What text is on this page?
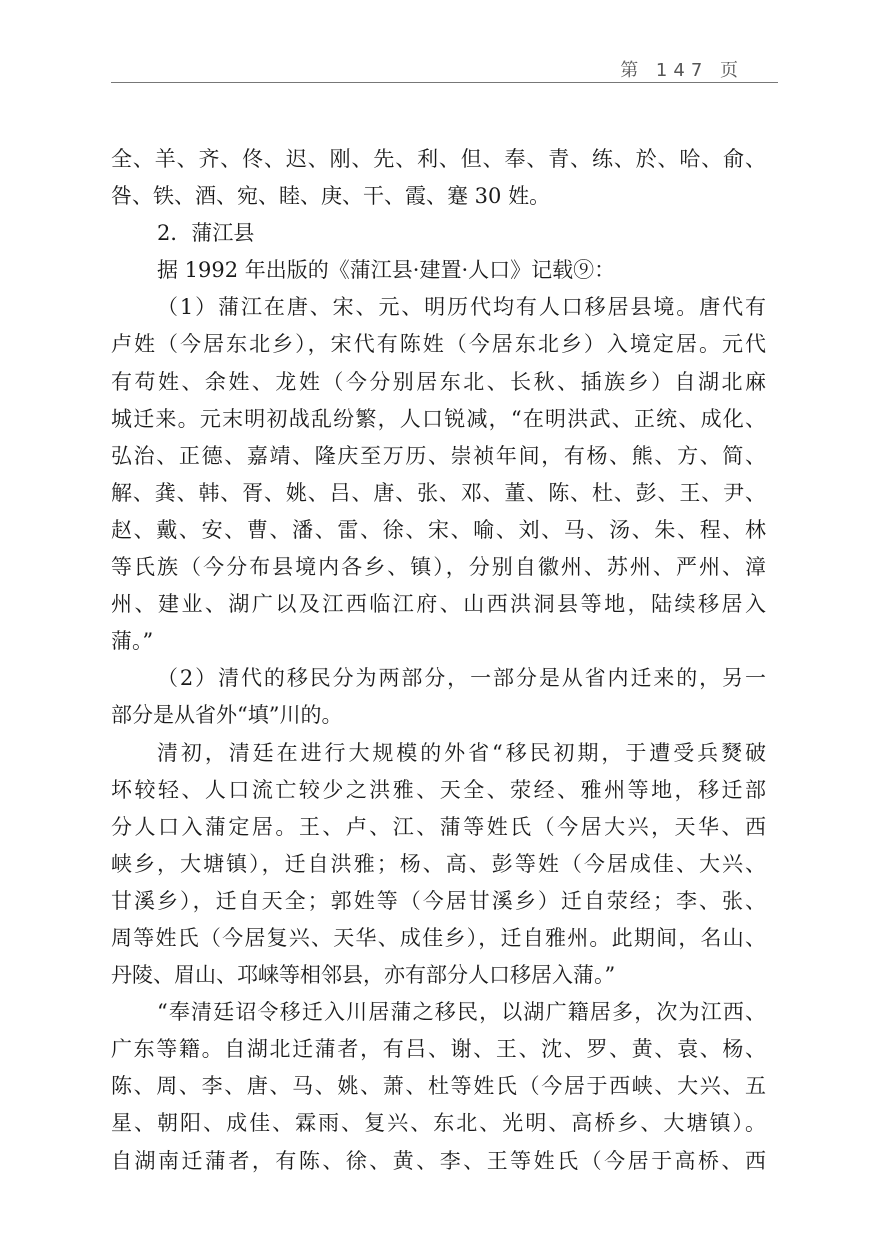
第 147 页
全、羊、齐、佟、迟、刚、先、利、但、奉、青、练、於、哈、俞、
咎、铁、酒、宛、睦、庚、干、霞、蹇 30 姓。
2．蒲江县
据 1992 年出版的《蒲江县·建置·人口》记载⑨：
（1）蒲江在唐、宋、元、明历代均有人口移居县境。唐代有
卢姓（今居东北乡），宋代有陈姓（今居东北乡）入境定居。元代
有苟姓、余姓、龙姓（今分别居东北、长秋、插族乡）自湖北麻
城迁来。元末明初战乱纷繁，人口锐减，“在明洪武、正统、成化、
弘治、正德、嘉靖、隆庆至万历、崇祯年间，有杨、熊、方、简、
解、龚、韩、胥、姚、吕、唐、张、邓、董、陈、杜、彭、王、尹、
赵、戴、安、曹、潘、雷、徐、宋、喻、刘、马、汤、朱、程、林
等氏族（今分布县境内各乡、镇），分别自徽州、苏州、严州、漳
州、建业、湖广以及江西临江府、山西洪洞县等地，陆续移居入
蒲。”
（2）清代的移民分为两部分，一部分是从省内迁来的，另一
部分是从省外“填”川的。
清初，清廷在进行大规模的外省“移民初期，于遭受兵燹破
坏较轻、人口流亡较少之洪雅、天全、荥经、雅州等地，移迁部
分人口入蒲定居。王、卢、江、蒲等姓氏（今居大兴，天华、西
峡乡，大塘镇），迁自洪雅；杨、高、彭等姓（今居成佳、大兴、
甘溪乡），迁自天全；郭姓等（今居甘溪乡）迁自荥经；李、张、
周等姓氏（今居复兴、天华、成佳乡），迁自雅州。此期间，名山、
丹陵、眉山、邛崃等相邻县，亦有部分人口移居入蒲。”
“奉清廷诏令移迁入川居蒲之移民，以湖广籍居多，次为江西、
广东等籍。自湖北迁蒲者，有吕、谢、王、沈、罗、黄、袁、杨、
陈、周、李、唐、马、姚、萧、杜等姓氏（今居于西峡、大兴、五
星、朝阳、成佳、霖雨、复兴、东北、光明、高桥乡、大塘镇）。
自湖南迁蒲者，有陈、徐、黄、李、王等姓氏（今居于高桥、西
